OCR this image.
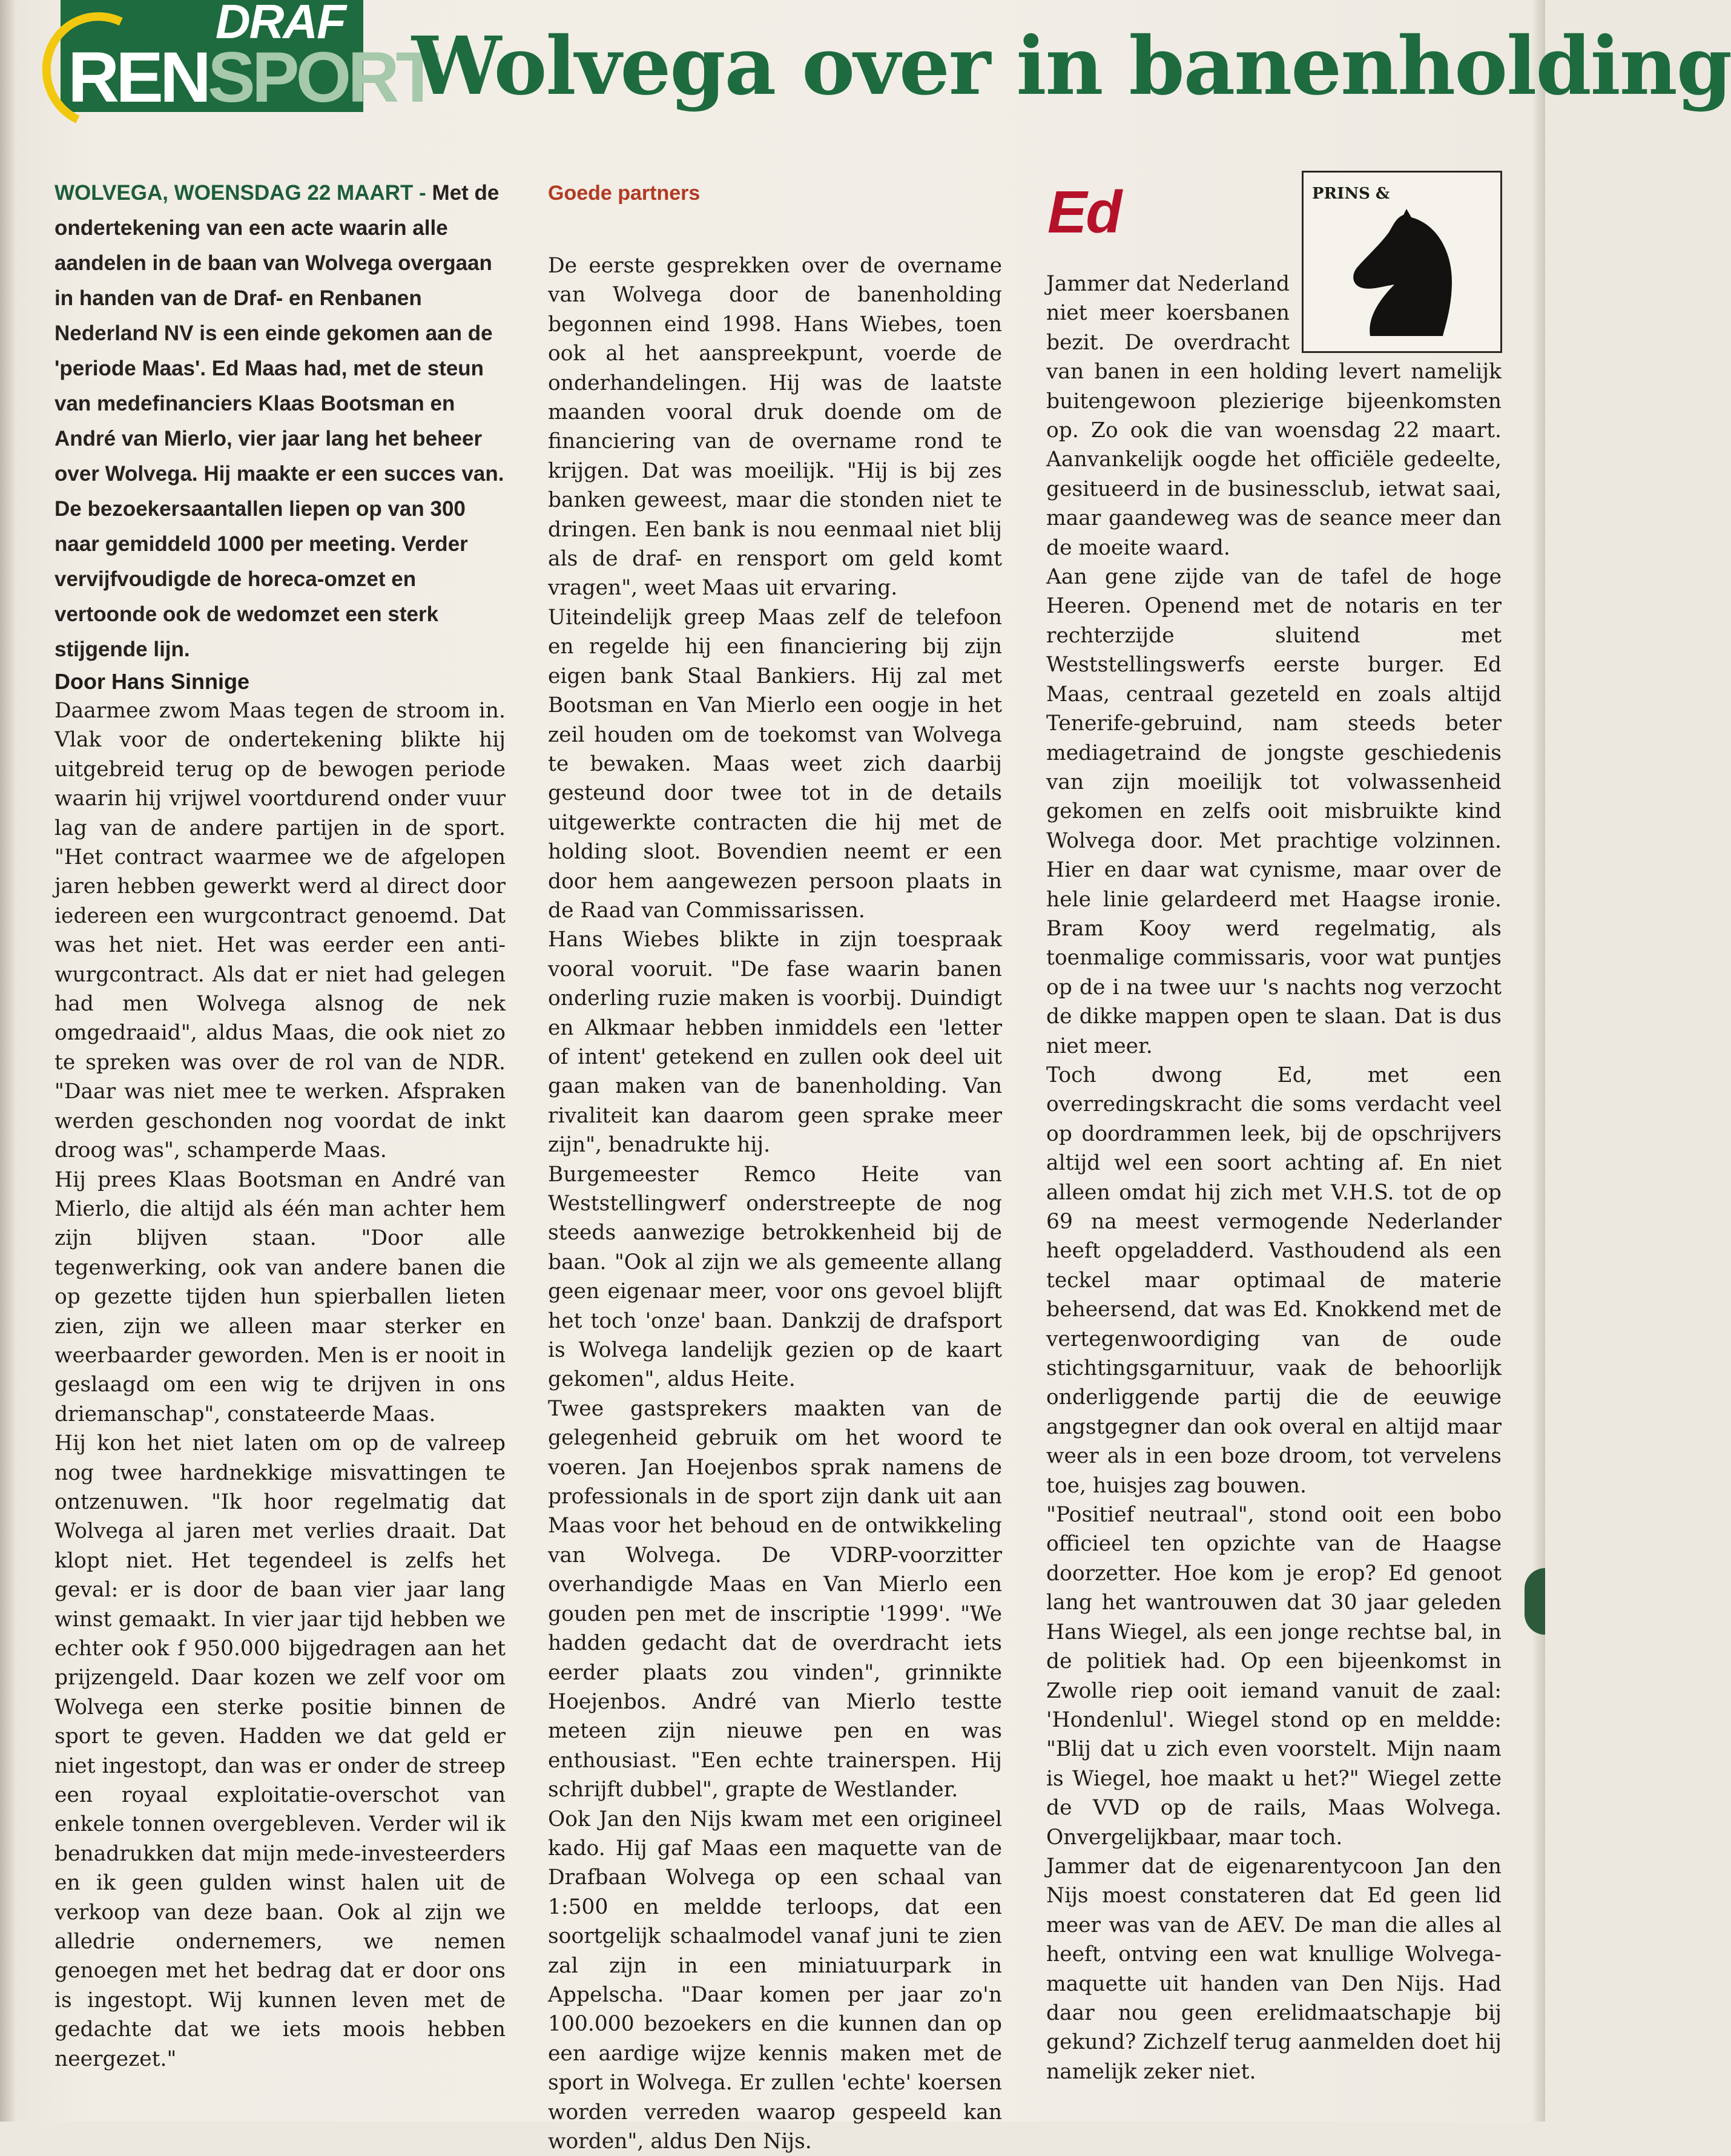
DRAF
RENSPORT
Wolvega over in banenholding

WOLVEGA, WOENSDAG 22 MAART - Met de ondertekening van een acte waarin alle aandelen in de baan van Wolvega overgaan in handen van de Draf- en Renbanen Nederland NV is een einde gekomen aan de 'periode Maas'. Ed Maas had, met de steun van medefinanciers Klaas Bootsman en André van Mierlo, vier jaar lang het beheer over Wolvega. Hij maakte er een succes van. De bezoekersaantallen liepen op van 300 naar gemiddeld 1000 per meeting. Verder vervijfvoudigde de horeca-omzet en vertoonde ook de wedomzet een sterk stijgende lijn.

Door Hans Sinnige

Daarmee zwom Maas tegen de stroom in. Vlak voor de ondertekening blikte hij uitgebreid terug op de bewogen periode waarin hij vrijwel voortdurend onder vuur lag van de andere partijen in de sport. "Het contract waarmee we de afgelopen jaren hebben gewerkt werd al direct door iedereen een wurgcontract genoemd. Dat was het niet. Het was eerder een anti-wurgcontract. Als dat er niet had gelegen had men Wolvega alsnog de nek omgedraaid", aldus Maas, die ook niet zo te spreken was over de rol van de NDR. "Daar was niet mee te werken. Afspraken werden geschonden nog voordat de inkt droog was", schamperde Maas.

Hij prees Klaas Bootsman en André van Mierlo, die altijd als één man achter hem zijn blijven staan. "Door alle tegenwerking, ook van andere banen die op gezette tijden hun spierballen lieten zien, zijn we alleen maar sterker en weerbaarder geworden. Men is er nooit in geslaagd om een wig te drijven in ons driemanschap", constateerde Maas.

Hij kon het niet laten om op de valreep nog twee hardnekkige misvattingen te ontzenuwen. "Ik hoor regelmatig dat Wolvega al jaren met verlies draait. Dat klopt niet. Het tegendeel is zelfs het geval: er is door de baan vier jaar lang winst gemaakt. In vier jaar tijd hebben we echter ook f 950.000 bijgedragen aan het prijzengeld. Daar kozen we zelf voor om Wolvega een sterke positie binnen de sport te geven. Hadden we dat geld er niet ingestopt, dan was er onder de streep een royaal exploitatie-overschot van enkele tonnen overgebleven. Verder wil ik benadrukken dat mijn mede-investeerders en ik geen gulden winst halen uit de verkoop van deze baan. Ook al zijn we alledrie ondernemers, we nemen genoegen met het bedrag dat er door ons is ingestopt. Wij kunnen leven met de gedachte dat we iets moois hebben neergezet."

Goede partners

De eerste gesprekken over de overname van Wolvega door de banenholding begonnen eind 1998. Hans Wiebes, toen ook al het aanspreekpunt, voerde de onderhandelingen. Hij was de laatste maanden vooral druk doende om de financiering van de overname rond te krijgen. Dat was moeilijk. "Hij is bij zes banken geweest, maar die stonden niet te dringen. Een bank is nou eenmaal niet blij als de draf- en rensport om geld komt vragen", weet Maas uit ervaring.

Uiteindelijk greep Maas zelf de telefoon en regelde hij een financiering bij zijn eigen bank Staal Bankiers. Hij zal met Bootsman en Van Mierlo een oogje in het zeil houden om de toekomst van Wolvega te bewaken. Maas weet zich daarbij gesteund door twee tot in de details uitgewerkte contracten die hij met de holding sloot. Bovendien neemt er een door hem aangewezen persoon plaats in de Raad van Commissarissen.

Hans Wiebes blikte in zijn toespraak vooral vooruit. "De fase waarin banen onderling ruzie maken is voorbij. Duindigt en Alkmaar hebben inmiddels een 'letter of intent' getekend en zullen ook deel uit gaan maken van de banenholding. Van rivaliteit kan daarom geen sprake meer zijn", benadrukte hij.

Burgemeester Remco Heite van Weststellingwerf onderstreepte de nog steeds aanwezige betrokkenheid bij de baan. "Ook al zijn we als gemeente allang geen eigenaar meer, voor ons gevoel blijft het toch 'onze' baan. Dankzij de drafsport is Wolvega landelijk gezien op de kaart gekomen", aldus Heite.

Twee gastsprekers maakten van de gelegenheid gebruik om het woord te voeren. Jan Hoejenbos sprak namens de professionals in de sport zijn dank uit aan Maas voor het behoud en de ontwikkeling van Wolvega. De VDRP-voorzitter overhandigde Maas en Van Mierlo een gouden pen met de inscriptie '1999'. "We hadden gedacht dat de overdracht iets eerder plaats zou vinden", grinnikte Hoejenbos. André van Mierlo testte meteen zijn nieuwe pen en was enthousiast. "Een echte trainerspen. Hij schrijft dubbel", grapte de Westlander.

Ook Jan den Nijs kwam met een origineel kado. Hij gaf Maas een maquette van de Drafbaan Wolvega op een schaal van 1:500 en meldde terloops, dat een soortgelijk schaalmodel vanaf juni te zien zal zijn in een miniatuurpark in Appelscha. "Daar komen per jaar zo'n 100.000 bezoekers en die kunnen dan op een aardige wijze kennis maken met de sport in Wolvega. Er zullen 'echte' koersen worden verreden waarop gespeeld kan worden", aldus Den Nijs.

Ed	PRINS &

Jammer dat Nederland niet meer koersbanen bezit. De overdracht van banen in een holding levert namelijk buitengewoon plezierige bijeenkomsten op. Zo ook die van woensdag 22 maart. Aanvankelijk oogde het officiële gedeelte, gesitueerd in de businessclub, ietwat saai, maar gaandeweg was de seance meer dan de moeite waard.

Aan gene zijde van de tafel de hoge Heeren. Openend met de notaris en ter rechterzijde sluitend met Weststellingswerfs eerste burger. Ed Maas, centraal gezeteld en zoals altijd Tenerife-gebruind, nam steeds beter mediagetraind de jongste geschiedenis van zijn moeilijk tot volwassenheid gekomen en zelfs ooit misbruikte kind Wolvega door. Met prachtige volzinnen. Hier en daar wat cynisme, maar over de hele linie gelardeerd met Haagse ironie. Bram Kooy werd regelmatig, als toenmalige commissaris, voor wat puntjes op de i na twee uur 's nachts nog verzocht de dikke mappen open te slaan. Dat is dus niet meer.

Toch dwong Ed, met een overredingskracht die soms verdacht veel op doordrammen leek, bij de opschrijvers altijd wel een soort achting af. En niet alleen omdat hij zich met V.H.S. tot de op 69 na meest vermogende Nederlander heeft opgeladderd. Vasthoudend als een teckel maar optimaal de materie beheersend, dat was Ed. Knokkend met de vertegenwoordiging van de oude stichtingsgarnituur, vaak de behoorlijk onderliggende partij die de eeuwige angstgegner dan ook overal en altijd maar weer als in een boze droom, tot vervelens toe, huisjes zag bouwen.

"Positief neutraal", stond ooit een bobo officieel ten opzichte van de Haagse doorzetter. Hoe kom je erop? Ed genoot lang het wantrouwen dat 30 jaar geleden Hans Wiegel, als een jonge rechtse bal, in de politiek had. Op een bijeenkomst in Zwolle riep ooit iemand vanuit de zaal: 'Hondenlul'. Wiegel stond op en meldde: "Blij dat u zich even voorstelt. Mijn naam is Wiegel, hoe maakt u het?" Wiegel zette de VVD op de rails, Maas Wolvega. Onvergelijkbaar, maar toch.

Jammer dat de eigenarentycoon Jan den Nijs moest constateren dat Ed geen lid meer was van de AEV. De man die alles al heeft, ontving een wat knullige Wolvega-maquette uit handen van Den Nijs. Had daar nou geen erelidmaatschapje bij gekund? Zichzelf terug aanmelden doet hij namelijk zeker niet.
